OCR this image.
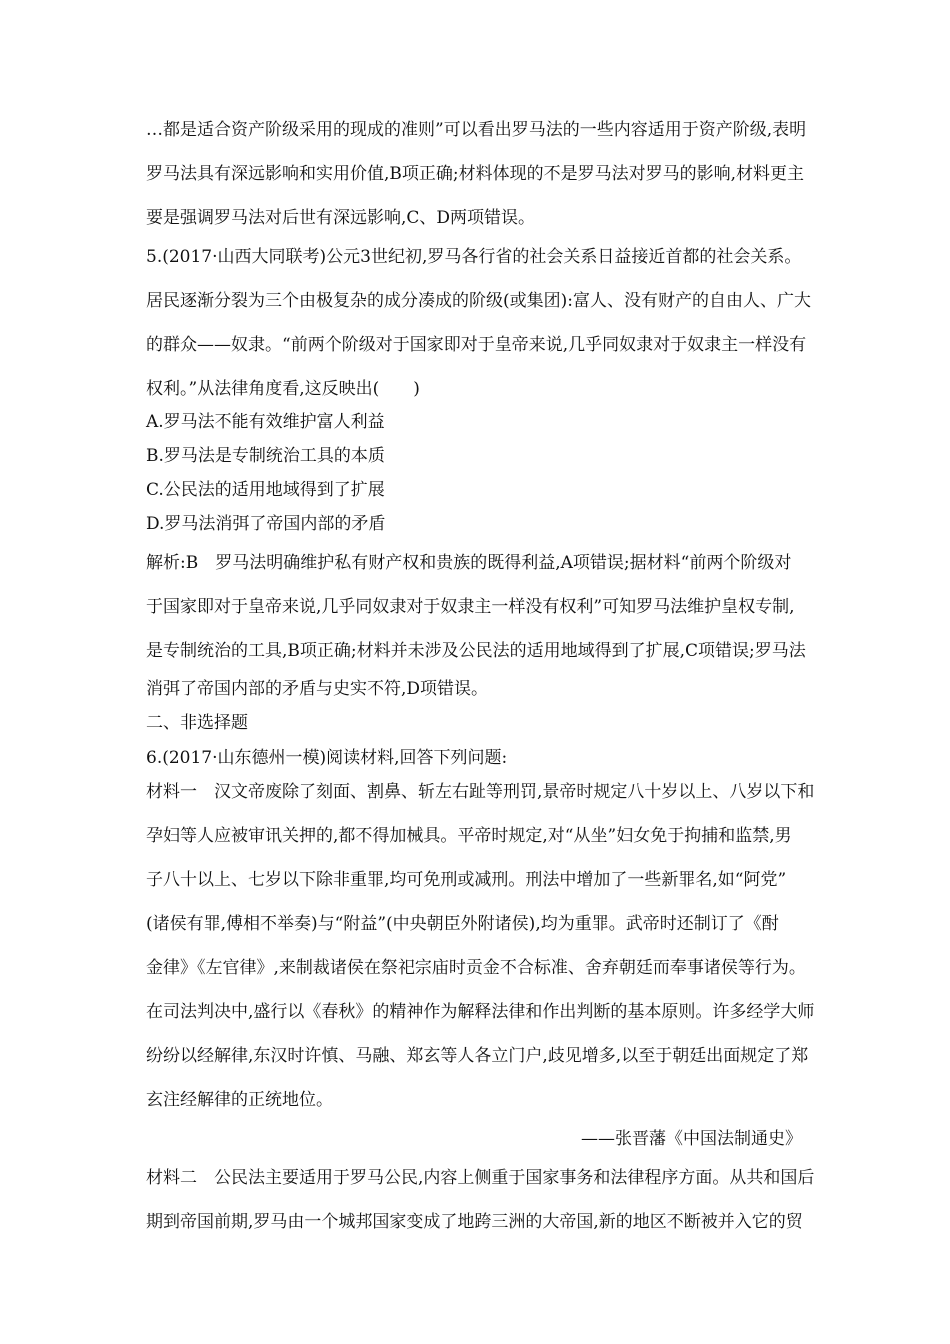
…都是适合资产阶级采用的现成的准则”可以看出罗马法的一些内容适用于资产阶级,表明
罗马法具有深远影响和实用价值,B项正确;材料体现的不是罗马法对罗马的影响,材料更主
要是强调罗马法对后世有深远影响,C、D两项错误。
5.(2017·山西大同联考)公元3世纪初,罗马各行省的社会关系日益接近首都的社会关系。
居民逐渐分裂为三个由极复杂的成分凑成的阶级(或集团):富人、没有财产的自由人、广大
的群众——奴隶。“前两个阶级对于国家即对于皇帝来说,几乎同奴隶对于奴隶主一样没有
权利。”从法律角度看,这反映出(　　)
A.罗马法不能有效维护富人利益
B.罗马法是专制统治工具的本质
C.公民法的适用地域得到了扩展
D.罗马法消弭了帝国内部的矛盾
解析:B　罗马法明确维护私有财产权和贵族的既得利益,A项错误;据材料“前两个阶级对
于国家即对于皇帝来说,几乎同奴隶对于奴隶主一样没有权利”可知罗马法维护皇权专制,
是专制统治的工具,B项正确;材料并未涉及公民法的适用地域得到了扩展,C项错误;罗马法
消弭了帝国内部的矛盾与史实不符,D项错误。
二、非选择题
6.(2017·山东德州一模)阅读材料,回答下列问题:
材料一　汉文帝废除了刻面、割鼻、斩左右趾等刑罚,景帝时规定八十岁以上、八岁以下和
孕妇等人应被审讯关押的,都不得加械具。平帝时规定,对“从坐”妇女免于拘捕和监禁,男
子八十以上、七岁以下除非重罪,均可免刑或减刑。刑法中增加了一些新罪名,如“阿党”
(诸侯有罪,傅相不举奏)与“附益”(中央朝臣外附诸侯),均为重罪。武帝时还制订了《酎
金律》《左官律》,来制裁诸侯在祭祀宗庙时贡金不合标准、舍弃朝廷而奉事诸侯等行为。
在司法判决中,盛行以《春秋》的精神作为解释法律和作出判断的基本原则。许多经学大师
纷纷以经解律,东汉时许慎、马融、郑玄等人各立门户,歧见增多,以至于朝廷出面规定了郑
玄注经解律的正统地位。
——张晋藩《中国法制通史》
材料二　公民法主要适用于罗马公民,内容上侧重于国家事务和法律程序方面。从共和国后
期到帝国前期,罗马由一个城邦国家变成了地跨三洲的大帝国,新的地区不断被并入它的贸
